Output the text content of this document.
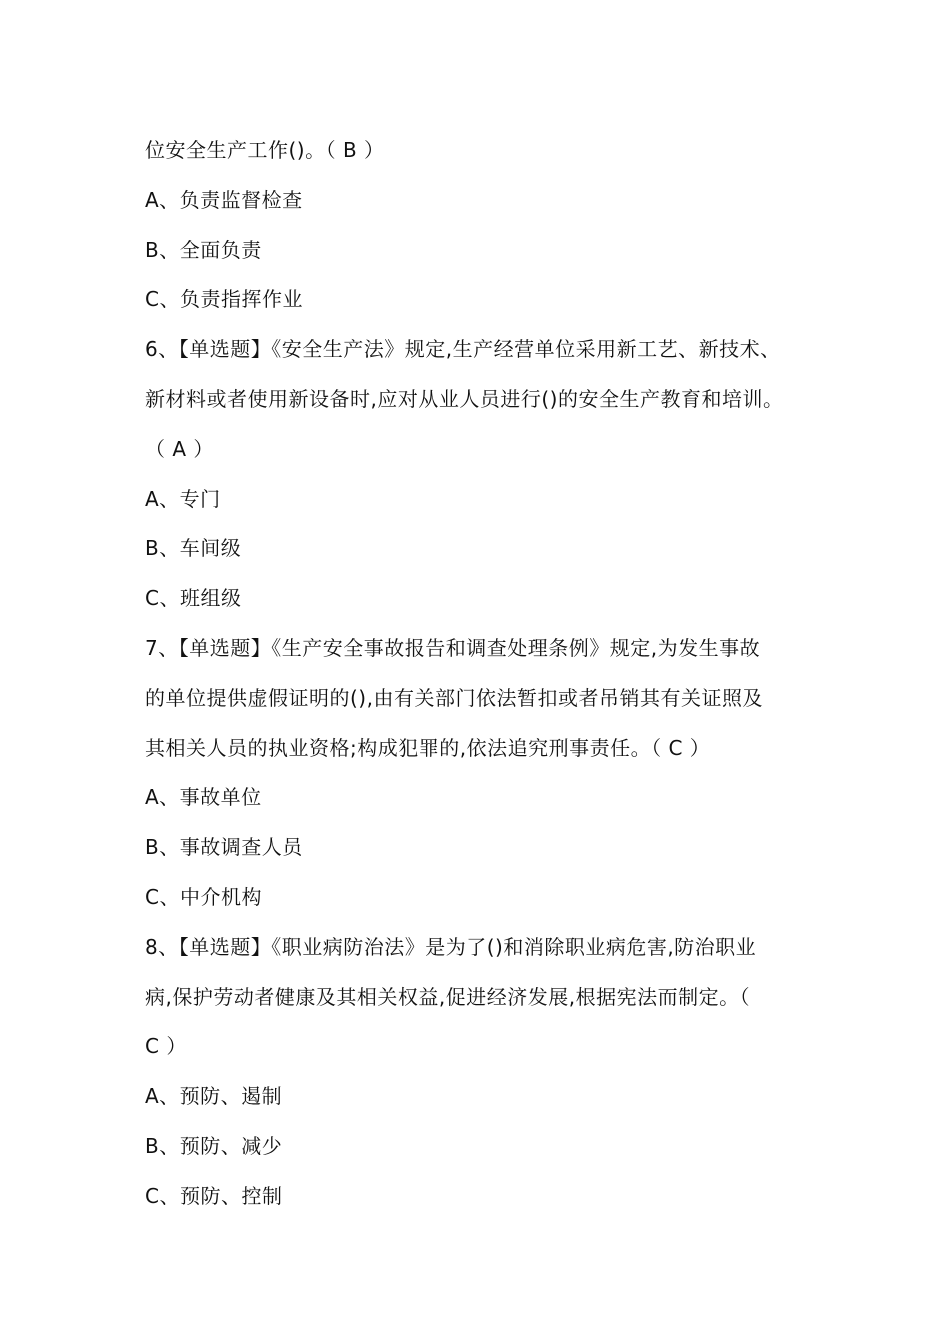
位安全生产工作()。（ B ）
A、负责监督检查
B、全面负责
C、负责指挥作业
6、【单选题】《安全生产法》规定,生产经营单位采用新工艺、新技术、
新材料或者使用新设备时,应对从业人员进行()的安全生产教育和培训。
（ A ）
A、专门
B、车间级
C、班组级
7、【单选题】《生产安全事故报告和调查处理条例》规定,为发生事故
的单位提供虚假证明的(),由有关部门依法暂扣或者吊销其有关证照及
其相关人员的执业资格;构成犯罪的,依法追究刑事责任。（ C ）
A、事故单位
B、事故调查人员
C、中介机构
8、【单选题】《职业病防治法》是为了()和消除职业病危害,防治职业
病,保护劳动者健康及其相关权益,促进经济发展,根据宪法而制定。（
C ）
A、预防、遏制
B、预防、减少
C、预防、控制
